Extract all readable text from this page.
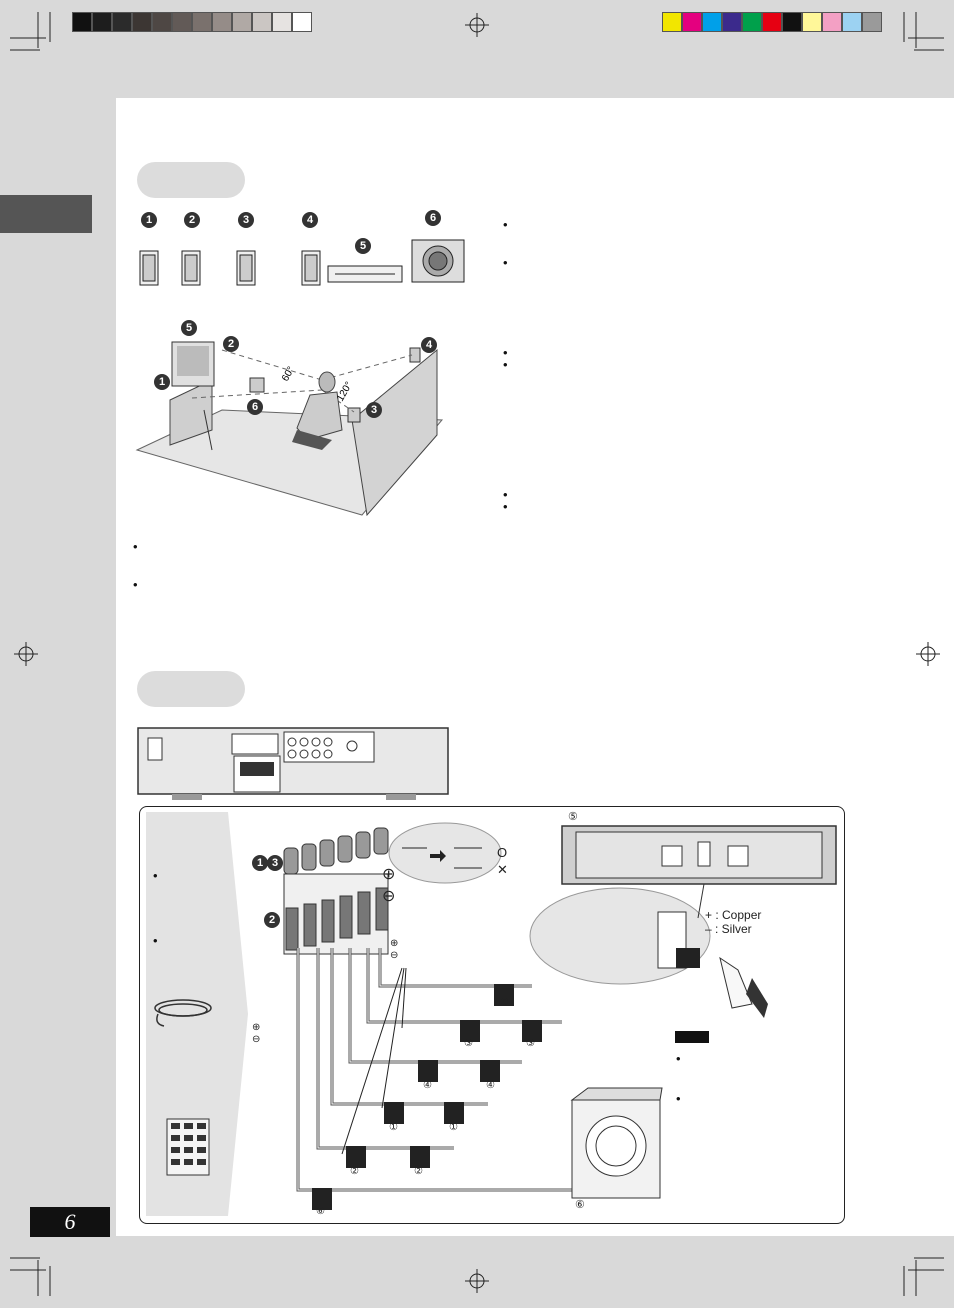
1	2	3	4
5
6
60°
120°
5
2
1
6
4
3
•
•
•
•
•
•
•
•
•
•
1 3
2
O
✕
⊕
⊖
⊕
⊖
⊕
⊖
⑤
⑥
+ : Copper
– : Silver
⑤
③	③
④	④
①	①
②	②
⑥
•
•
6
